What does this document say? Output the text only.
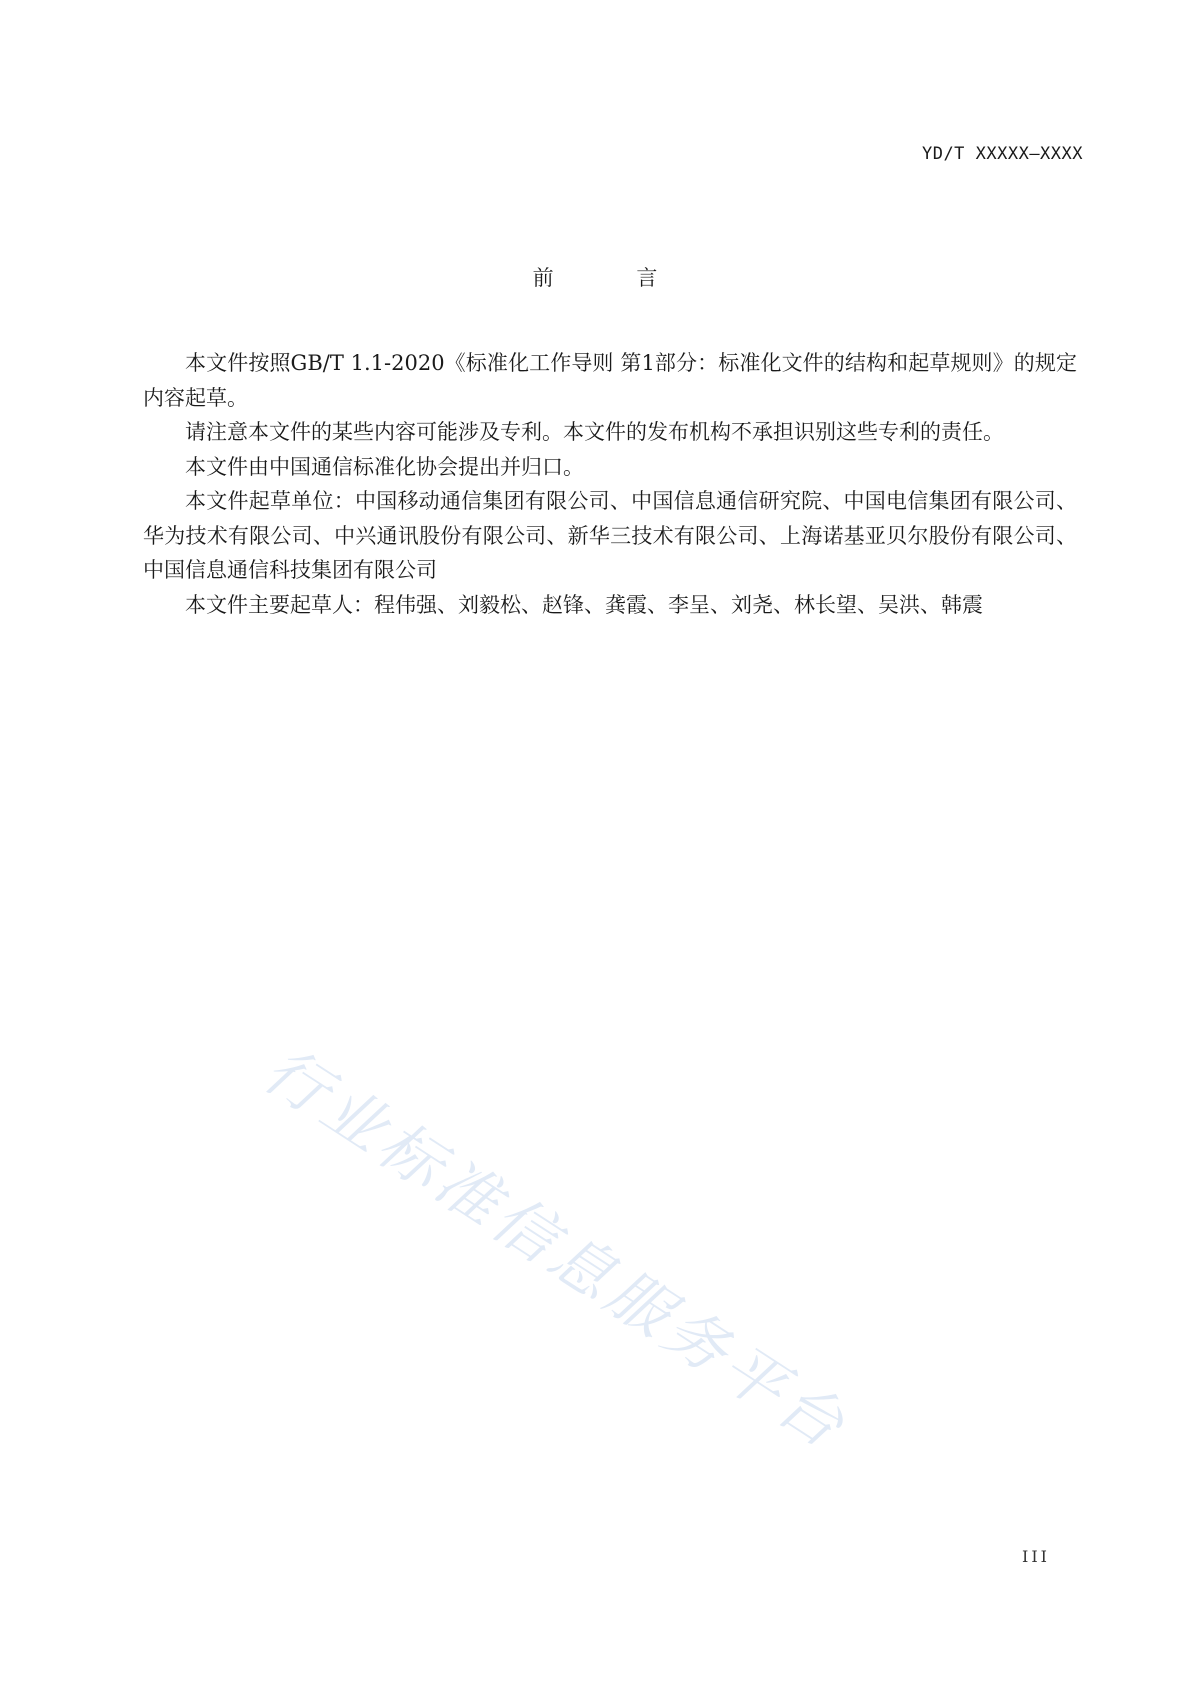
YD/T XXXXX—XXXX
前 言

本文件按照GB/T 1.1-2020《标准化工作导则 第1部分：标准化文件的结构和起草规则》的规定内容起草。

请注意本文件的某些内容可能涉及专利。本文件的发布机构不承担识别这些专利的责任。

本文件由中国通信标准化协会提出并归口。

本文件起草单位：中国移动通信集团有限公司、中国信息通信研究院、中国电信集团有限公司、华为技术有限公司、中兴通讯股份有限公司、新华三技术有限公司、上海诺基亚贝尔股份有限公司、中国信息通信科技集团有限公司

本文件主要起草人：程伟强、刘毅松、赵锋、龚霞、李呈、刘尧、林长望、吴洪、韩震

行业标准信息服务平台
III
